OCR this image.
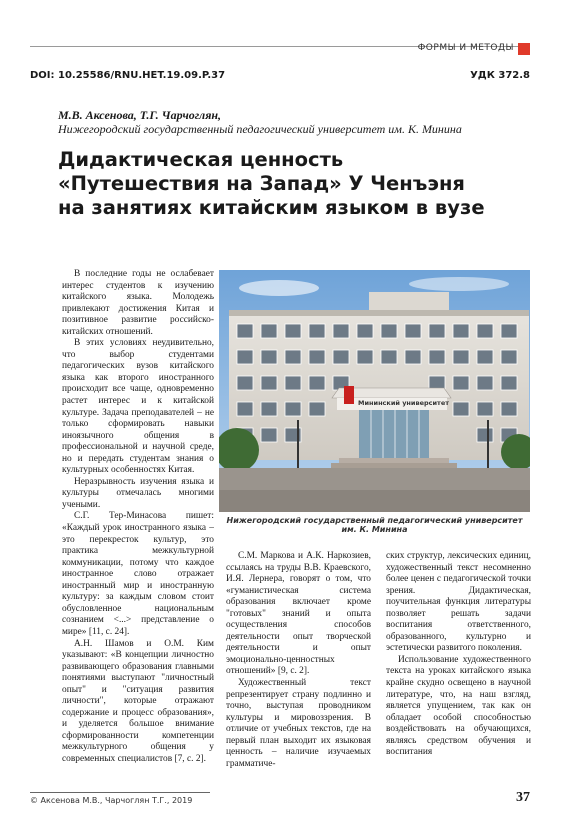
ФОРМЫ И МЕТОДЫ
DOI: 10.25586/RNU.HET.19.09.P.37	УДК 372.8
М.В. Аксенова, Т.Г. Чарчоглян,
Нижегородский государственный педагогический университет им. К. Минина
Дидактическая ценность
«Путешествия на Запад» У Ченъэня
на занятиях китайским языком в вузе

В последние годы не ослабевает интерес студентов к изучению китайского языка. Молодежь привлекают достижения Китая и позитивное развитие российско-китайских отношений.

В этих условиях неудивительно, что выбор студентами педагогических вузов китайского языка как второго иностранного происходит все чаще, одновременно растет интерес и к китайской культуре. Задача преподавателей – не только сформировать навыки иноязычного общения в профессиональной и научной среде, но и передать студентам знания о культурных особенностях Китая.

Неразрывность изучения языка и культуры отмечалась многими учеными.

С.Г. Тер-Минасова пишет: «Каждый урок иностранного языка – это перекресток культур, это практика межкультурной коммуникации, потому что каждое иностранное слово отражает иностранный мир и иностранную культуру: за каждым словом стоит обусловленное национальным сознанием <...> представление о мире» [11, с. 24].

А.Н. Шамов и О.М. Ким указывают: «В концепции личностно развивающего образования главными понятиями выступают "личностный опыт" и "ситуация развития личности", которые отражают содержание и процесс образования», и уделяется большое внимание сформированности компетенции межкультурного общения у современных специалистов [7, с. 2].

Мининский университет
Нижегородский государственный педагогический университет им. К. Минина

С.М. Маркова и А.К. Наркозиев, ссылаясь на труды В.В. Краевского, И.Я. Лернера, говорят о том, что «гуманистическая система образования включает кроме "готовых" знаний и опыта осуществления способов деятельности опыт творческой деятельности и опыт эмоционально-ценностных отношений» [9, с. 2].

Художественный текст репрезентирует страну подлинно и точно, выступая проводником культуры и мировоззрения. В отличие от учебных текстов, где на первый план выходит их языковая ценность – наличие изучаемых грамматиче-

ских структур, лексических единиц, художественный текст несомненно более ценен с педагогической точки зрения. Дидактическая, поучительная функция литературы позволяет решать задачи воспитания ответственного, образованного, культурно и эстетически развитого поколения.

Использование художественного текста на уроках китайского языка крайне скудно освещено в научной литературе, что, на наш взгляд, является упущением, так как он обладает особой способностью воздействовать на обучающихся, являясь средством обучения и воспитания

© Аксенова М.В., Чарчоглян Т.Г., 2019	37
